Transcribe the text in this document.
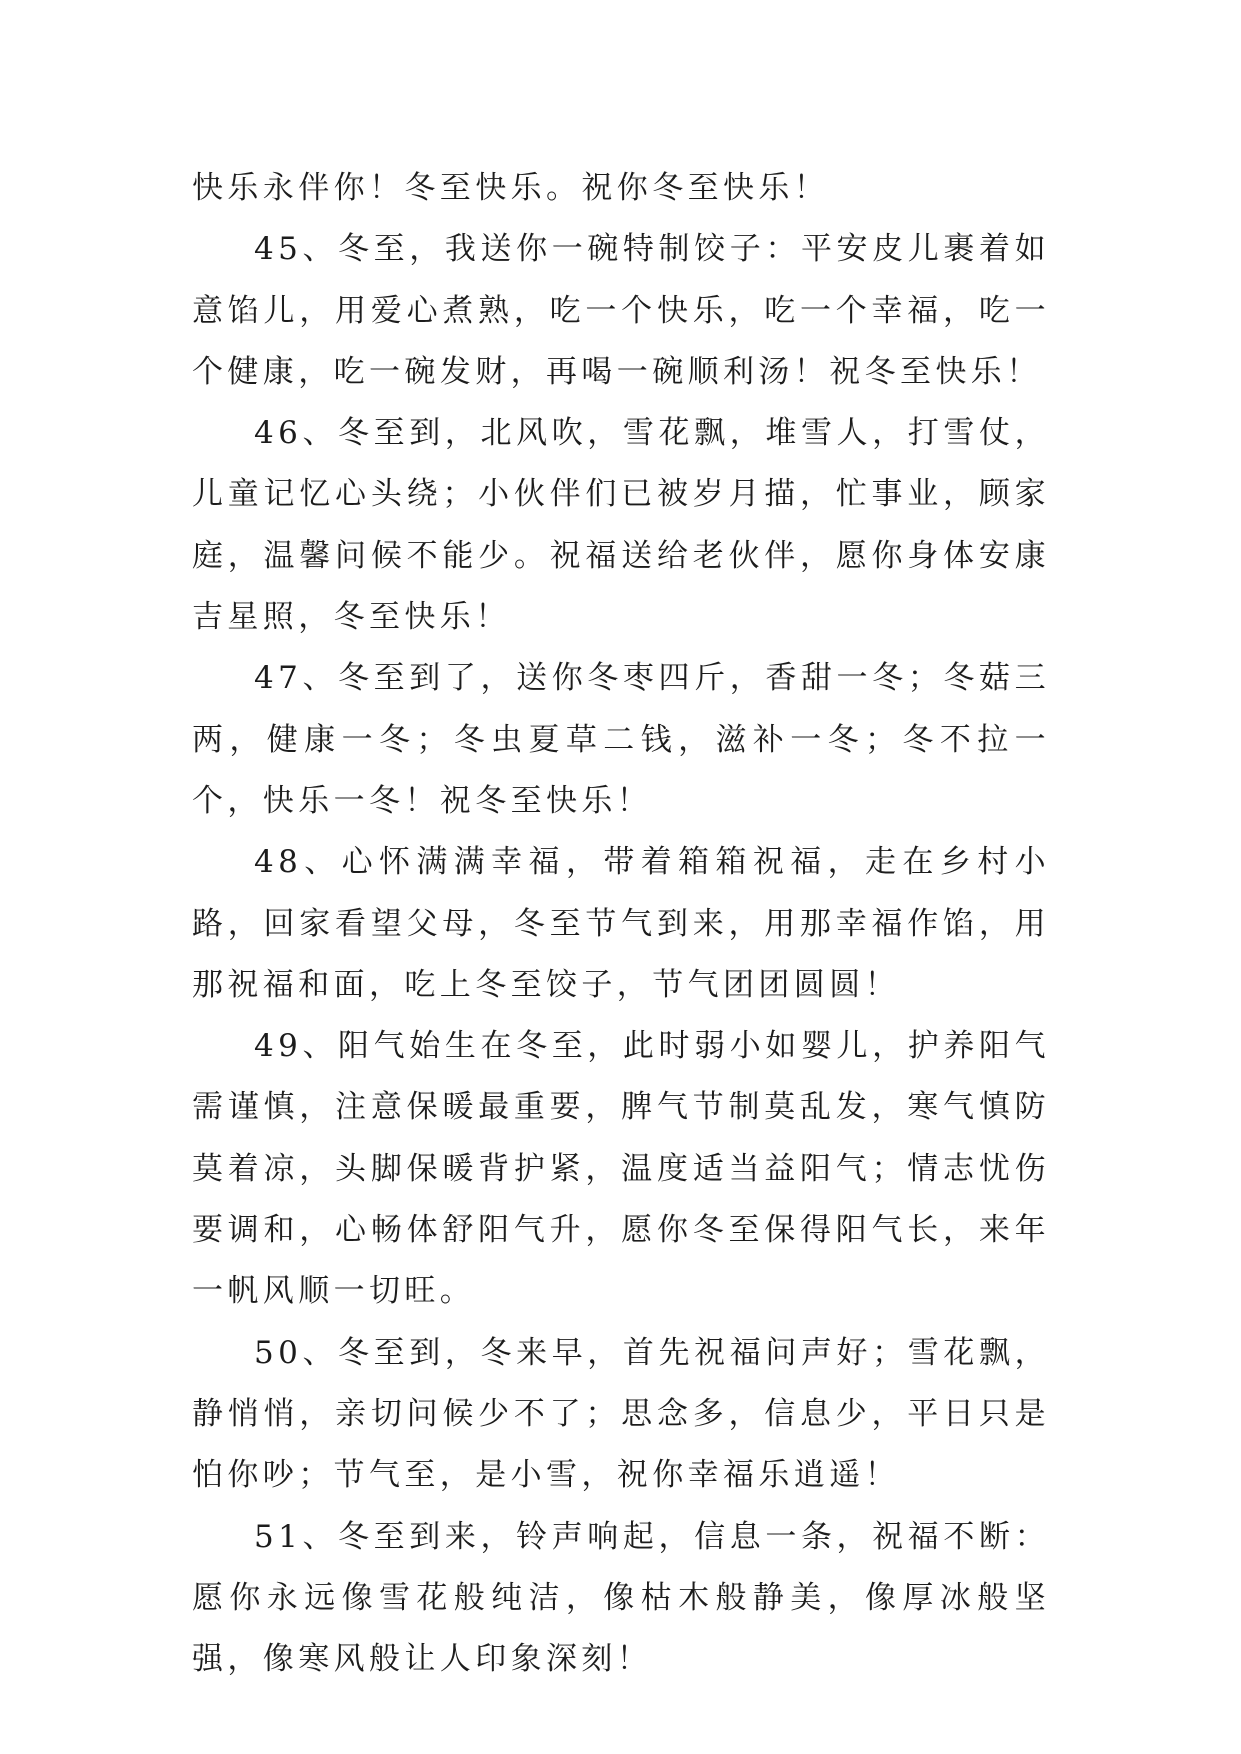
快乐永伴你！冬至快乐。祝你冬至快乐！

45、冬至，我送你一碗特制饺子：平安皮儿裹着如意馅儿，用爱心煮熟，吃一个快乐，吃一个幸福，吃一个健康，吃一碗发财，再喝一碗顺利汤！祝冬至快乐！

46、冬至到，北风吹，雪花飘，堆雪人，打雪仗，儿童记忆心头绕；小伙伴们已被岁月描，忙事业，顾家庭，温馨问候不能少。祝福送给老伙伴，愿你身体安康吉星照，冬至快乐！

47、冬至到了，送你冬枣四斤，香甜一冬；冬菇三两，健康一冬；冬虫夏草二钱，滋补一冬；冬不拉一个，快乐一冬！祝冬至快乐！

48、心怀满满幸福，带着箱箱祝福，走在乡村小路，回家看望父母，冬至节气到来，用那幸福作馅，用那祝福和面，吃上冬至饺子，节气团团圆圆！

49、阳气始生在冬至，此时弱小如婴儿，护养阳气需谨慎，注意保暖最重要，脾气节制莫乱发，寒气慎防莫着凉，头脚保暖背护紧，温度适当益阳气；情志忧伤要调和，心畅体舒阳气升，愿你冬至保得阳气长，来年一帆风顺一切旺。

50、冬至到，冬来早，首先祝福问声好；雪花飘，静悄悄，亲切问候少不了；思念多，信息少，平日只是怕你吵；节气至，是小雪，祝你幸福乐逍遥！

51、冬至到来，铃声响起，信息一条，祝福不断：愿你永远像雪花般纯洁，像枯木般静美，像厚冰般坚强，像寒风般让人印象深刻！
